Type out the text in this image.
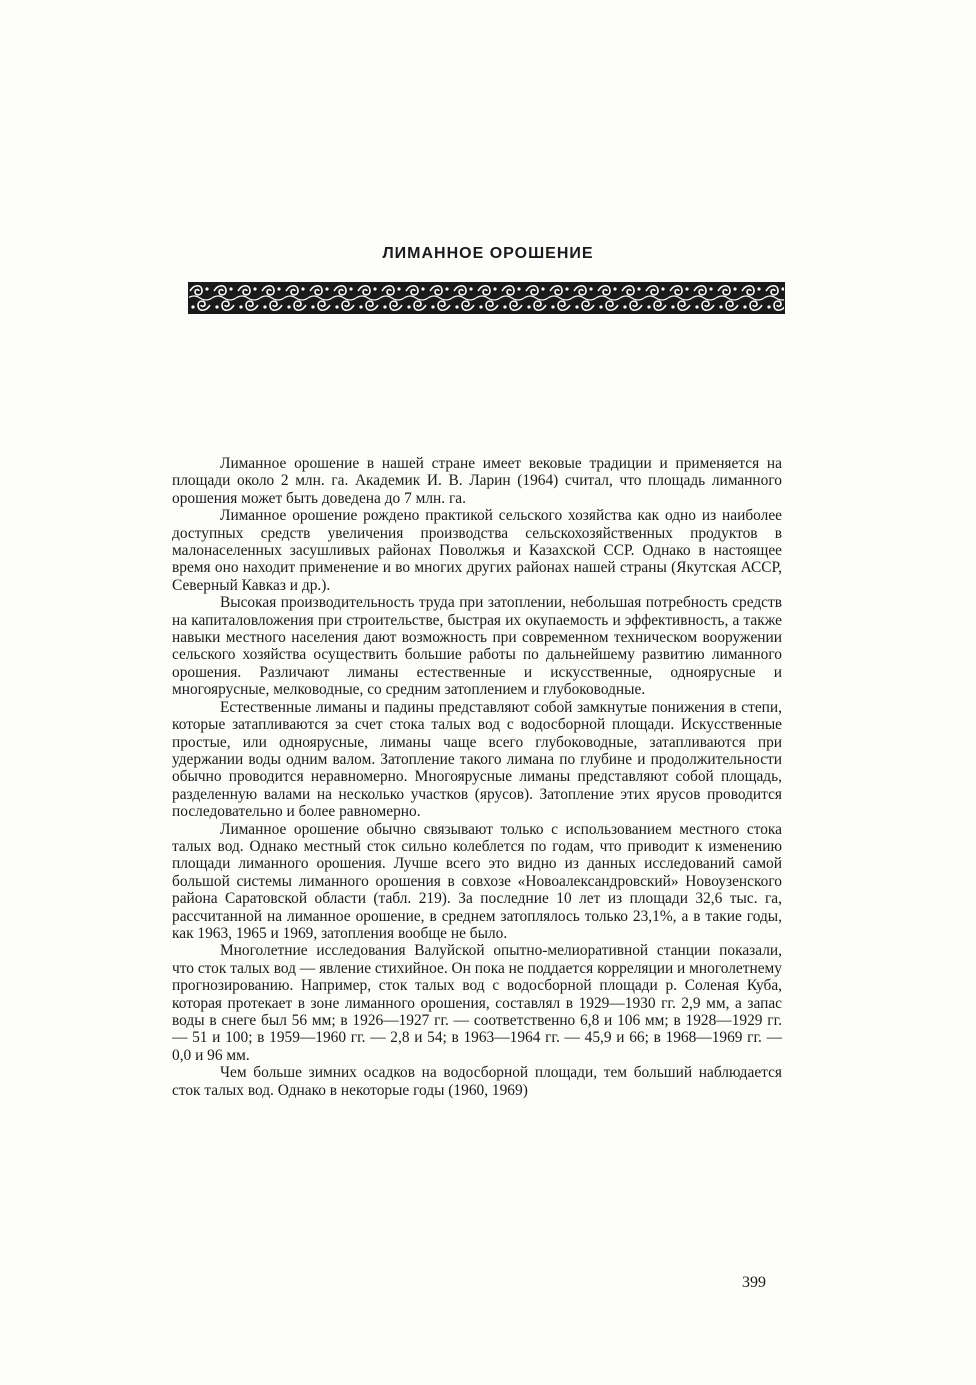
ЛИМАННОЕ ОРОШЕНИЕ

Лиманное орошение в нашей стране имеет вековые традиции и применяется на площади около 2 млн. га. Академик И. В. Ларин (1964) считал, что площадь лиманного орошения может быть доведена до 7 млн. га.

Лиманное орошение рождено практикой сельского хозяйства как одно из наиболее доступных средств увеличения производства сельскохозяйственных продуктов в малонаселенных засушливых районах Поволжья и Казахской ССР. Однако в настоящее время оно находит применение и во многих других районах нашей страны (Якутская АССР, Северный Кавказ и др.).

Высокая производительность труда при затоплении, небольшая потребность средств на капиталовложения при строительстве, быстрая их окупаемость и эффективность, а также навыки местного населения дают возможность при современном техническом вооружении сельского хозяйства осуществить большие работы по дальнейшему развитию лиманного орошения. Различают лиманы естественные и искусственные, одноярусные и многоярусные, мелководные, со средним затоплением и глубоководные.

Естественные лиманы и падины представляют собой замкнутые понижения в степи, которые затапливаются за счет стока талых вод с водосборной площади. Искусственные простые, или одноярусные, лиманы чаще всего глубоководные, затапливаются при удержании воды одним валом. Затопление такого лимана по глубине и продолжительности обычно проводится неравномерно. Многоярусные лиманы представляют собой площадь, разделенную валами на несколько участков (ярусов). Затопление этих ярусов проводится последовательно и более равномерно.

Лиманное орошение обычно связывают только с использованием местного стока талых вод. Однако местный сток сильно колеблется по годам, что приводит к изменению площади лиманного орошения. Лучше всего это видно из данных исследований самой большой системы лиманного орошения в совхозе «Новоалександровский» Новоузенского района Саратовской области (табл. 219). За последние 10 лет из площади 32,6 тыс. га, рассчитанной на лиманное орошение, в среднем затоплялось только 23,1%, а в такие годы, как 1963, 1965 и 1969, затопления вообще не было.

Многолетние исследования Валуйской опытно-мелиоративной станции показали, что сток талых вод — явление стихийное. Он пока не поддается корреляции и многолетнему прогнозированию. Например, сток талых вод с водосборной площади р. Соленая Куба, которая протекает в зоне лиманного орошения, составлял в 1929—1930 гг. 2,9 мм, а запас воды в снеге был 56 мм; в 1926—1927 гг. — соответственно 6,8 и 106 мм; в 1928—1929 гг. — 51 и 100; в 1959—1960 гг. — 2,8 и 54; в 1963—1964 гг. — 45,9 и 66; в 1968—1969 гг. — 0,0 и 96 мм.

Чем больше зимних осадков на водосборной площади, тем больший наблюдается сток талых вод. Однако в некоторые годы (1960, 1969)

399
